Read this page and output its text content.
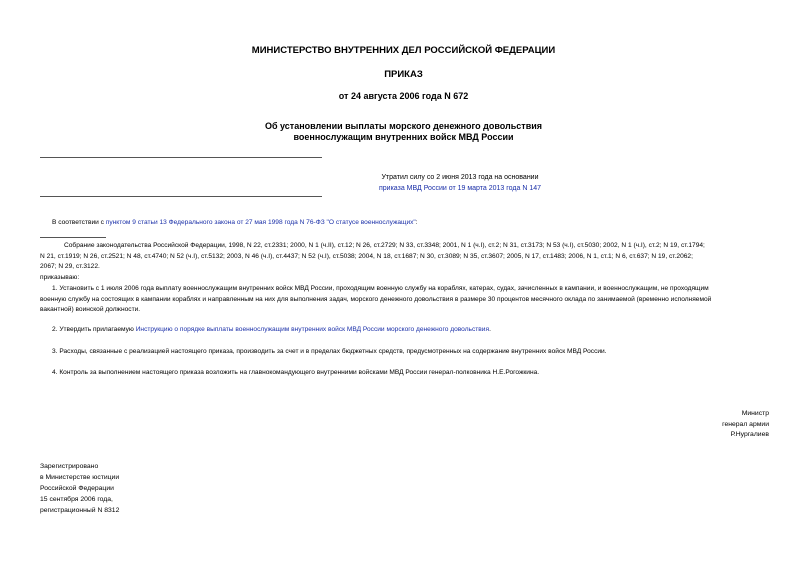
МИНИСТЕРСТВО ВНУТРЕННИХ ДЕЛ РОССИЙСКОЙ ФЕДЕРАЦИИ
ПРИКАЗ
от 24 августа 2006 года N 672
Об установлении выплаты морского денежного довольствия
военнослужащим внутренних войск МВД России
Утратил силу со 2 июня 2013 года на основании
приказа МВД России от 19 марта 2013 года N 147
В соответствии с пунктом 9 статьи 13 Федерального закона от 27 мая 1998 года N 76-ФЗ "О статусе военнослужащих":
Собрание законодательства Российской Федерации, 1998, N 22, ст.2331; 2000, N 1 (ч.II), ст.12; N 26, ст.2729; N 33, ст.3348; 2001, N 1 (ч.I), ст.2; N 31, ст.3173; N 53 (ч.I), ст.5030; 2002, N 1 (ч.I), ст.2; N 19, ст.1794;
N 21, ст.1919; N 26, ст.2521; N 48, ст.4740; N 52 (ч.I), ст.5132; 2003, N 46 (ч.I), ст.4437; N 52 (ч.I), ст.5038; 2004, N 18, ст.1687; N 30, ст.3089; N 35, ст.3607; 2005, N 17, ст.1483; 2006, N 1, ст.1; N 6, ст.637; N 19, ст.2062;
2067; N 29, ст.3122.
приказываю:
1. Установить с 1 июля 2006 года выплату военнослужащим внутренних войск МВД России, проходящим военную службу на кораблях, катерах, судах, зачисленных в кампании, и военнослужащим, не проходящим
военную службу на состоящих в кампании кораблях и направленным на них для выполнения задач, морского денежного довольствия в размере 30 процентов месячного оклада по занимаемой (временно исполняемой
вакантной) воинской должности.
2. Утвердить прилагаемую Инструкцию о порядке выплаты военнослужащим внутренних войск МВД России морского денежного довольствия.
3. Расходы, связанные с реализацией настоящего приказа, производить за счет и в пределах бюджетных средств, предусмотренных на содержание внутренних войск МВД России.
4. Контроль за выполнением настоящего приказа возложить на главнокомандующего внутренними войсками МВД России генерал-полковника Н.Е.Рогожкина.
Министр
генерал армии
Р.Нургалиев
Зарегистрировано
в Министерстве юстиции
Российской Федерации
15 сентября 2006 года,
регистрационный N 8312
